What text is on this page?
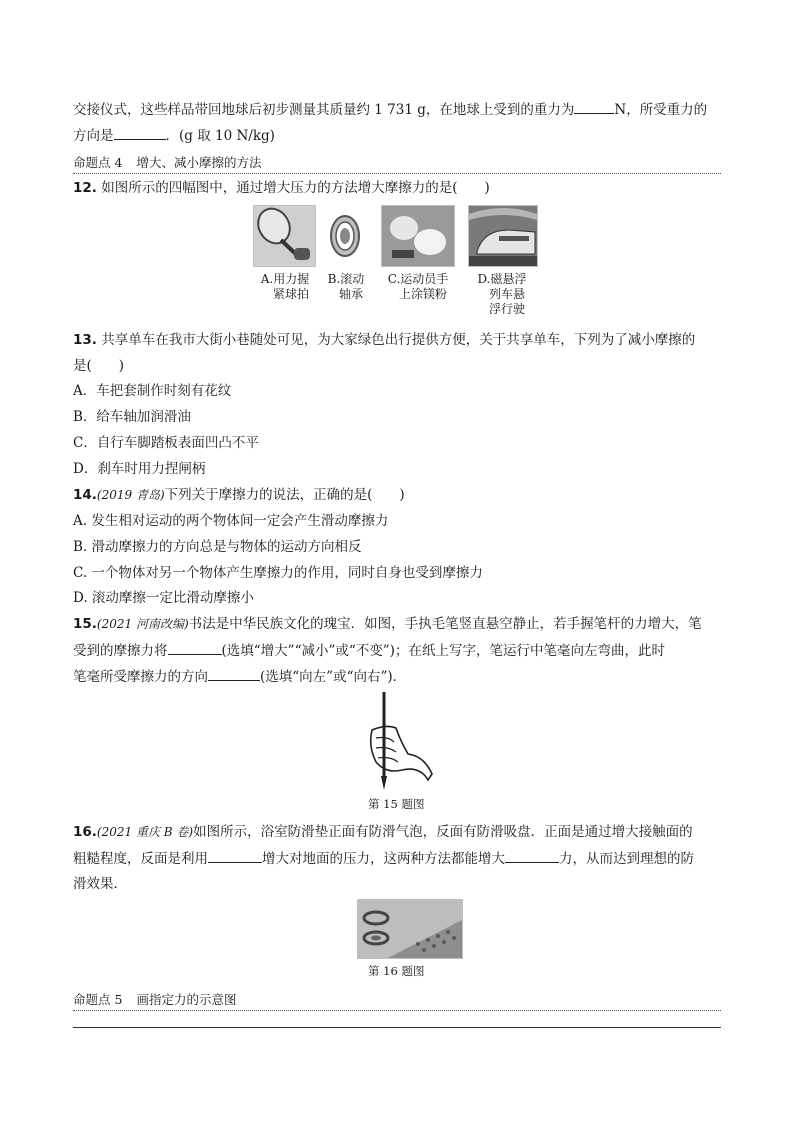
交接仪式，这些样品带回地球后初步测量其质量约 1 731 g，在地球上受到的重力为	N，所受重力的
方向是	．(g 取 10 N/kg)
命题点 4 增大、减小摩擦的方法
12. 如图所示的四幅图中，通过增大压力的方法增大摩擦力的是(　　)
A.用力握
紧球拍
B.滚动
轴承
C.运动员手
上涂镁粉
D.磁悬浮
列车悬
浮行驶
13. 共享单车在我市大街小巷随处可见，为大家绿色出行提供方便，关于共享单车，下列为了减小摩擦的
是(　　)
A．车把套制作时刻有花纹
B．给车轴加润滑油
C．自行车脚踏板表面凹凸不平
D．刹车时用力捏闸柄
14.(2019 青岛)下列关于摩擦力的说法，正确的是(　　)
A. 发生相对运动的两个物体间一定会产生滑动摩擦力
B. 滑动摩擦力的方向总是与物体的运动方向相反
C. 一个物体对另一个物体产生摩擦力的作用，同时自身也受到摩擦力
D. 滚动摩擦一定比滑动摩擦小
15.(2021 河南改编)书法是中华民族文化的瑰宝．如图，手执毛笔竖直悬空静止，若手握笔杆的力增大，笔
受到的摩擦力将	(选填“增大”“减小”或“不变”)；在纸上写字，笔运行中笔毫向左弯曲，此时
笔毫所受摩擦力的方向	(选填“向左”或“向右”)．
第 15 题图
16.(2021 重庆 B 卷)如图所示，浴室防滑垫正面有防滑气泡，反面有防滑吸盘．正面是通过增大接触面的
粗糙程度，反面是利用	增大对地面的压力，这两种方法都能增大	力，从而达到理想的防
滑效果．
第 16 题图
命题点 5 画指定力的示意图
